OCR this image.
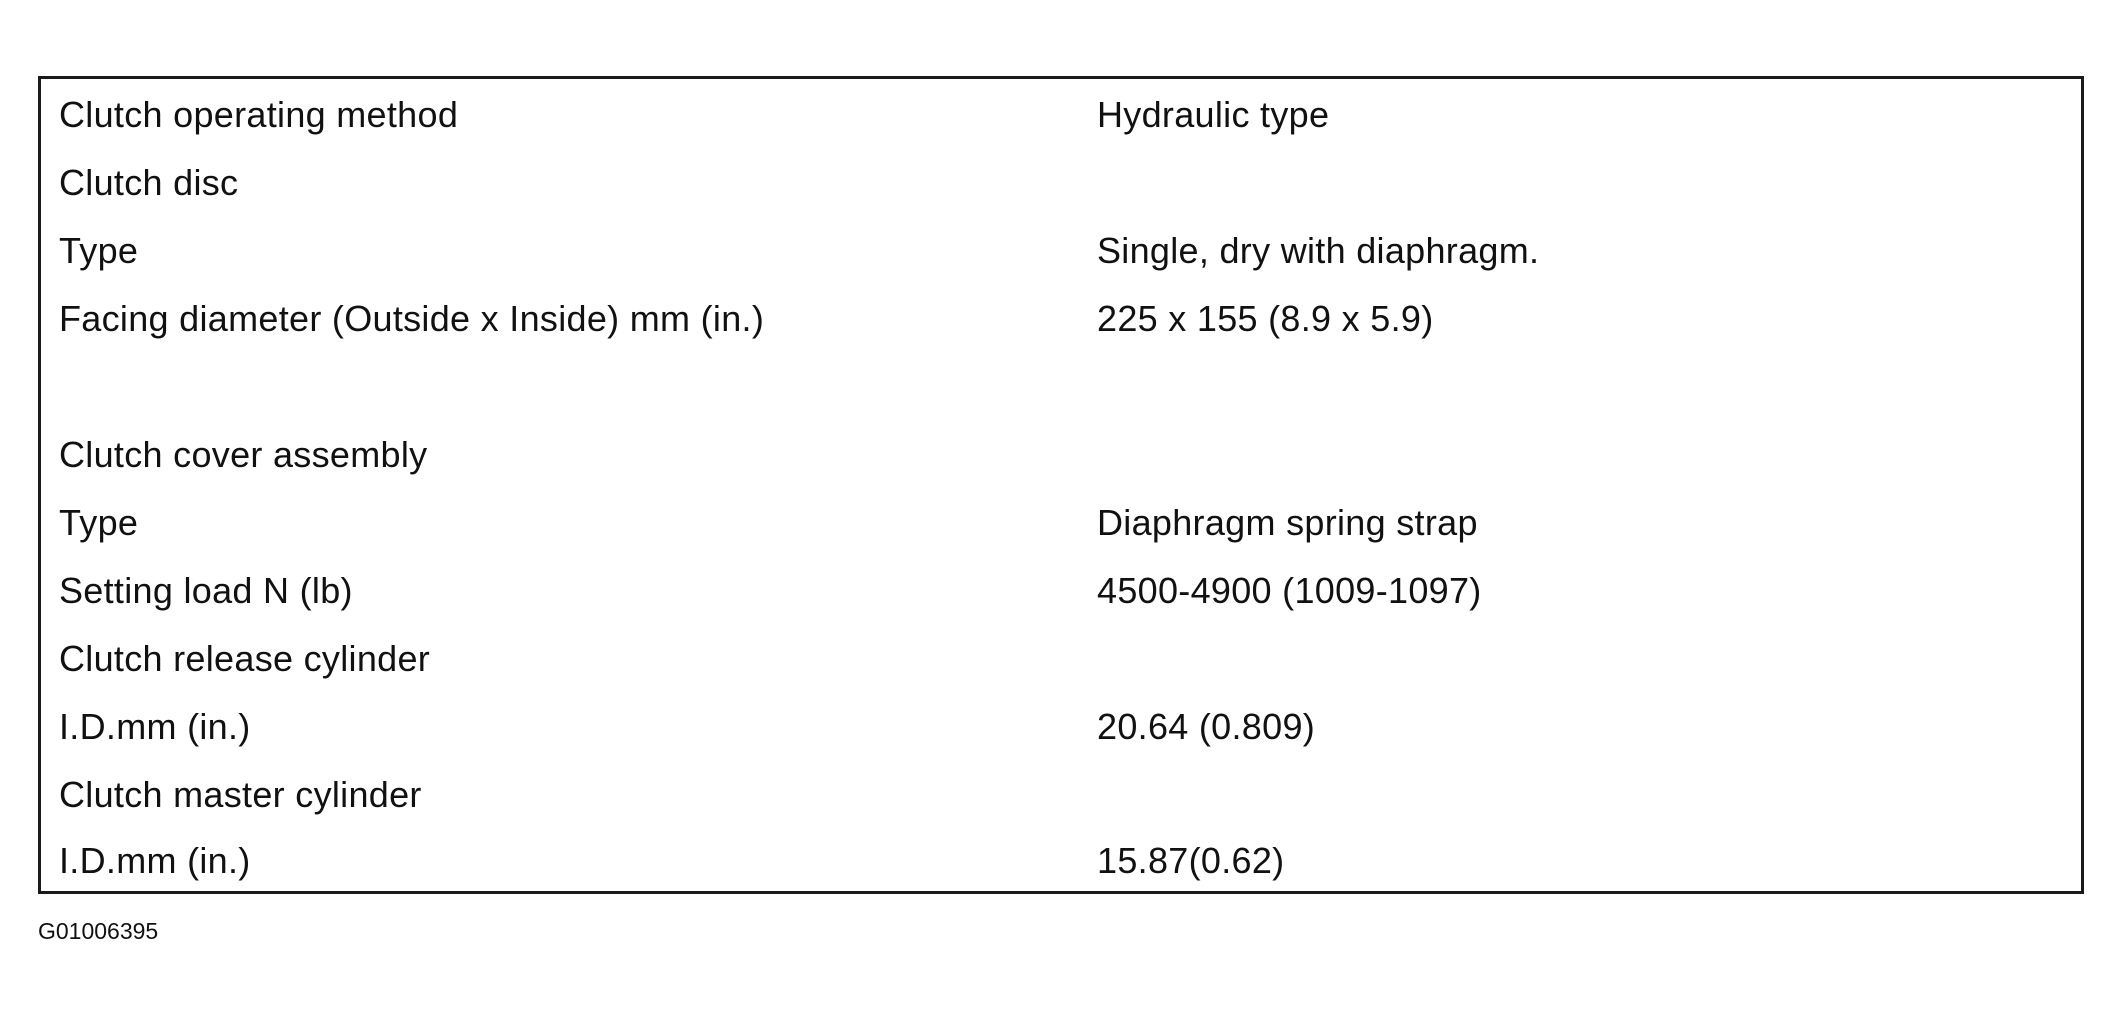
Clutch operating method	Hydraulic type
Clutch disc
Type	Single, dry with diaphragm.
Facing diameter (Outside x Inside) mm (in.)	225 x 155 (8.9 x 5.9)
Clutch cover assembly
Type	Diaphragm spring strap
Setting load N (lb)	4500-4900 (1009-1097)
Clutch release cylinder
I.D.mm (in.)	20.64 (0.809)
Clutch master cylinder
I.D.mm (in.)	15.87(0.62)
G01006395
